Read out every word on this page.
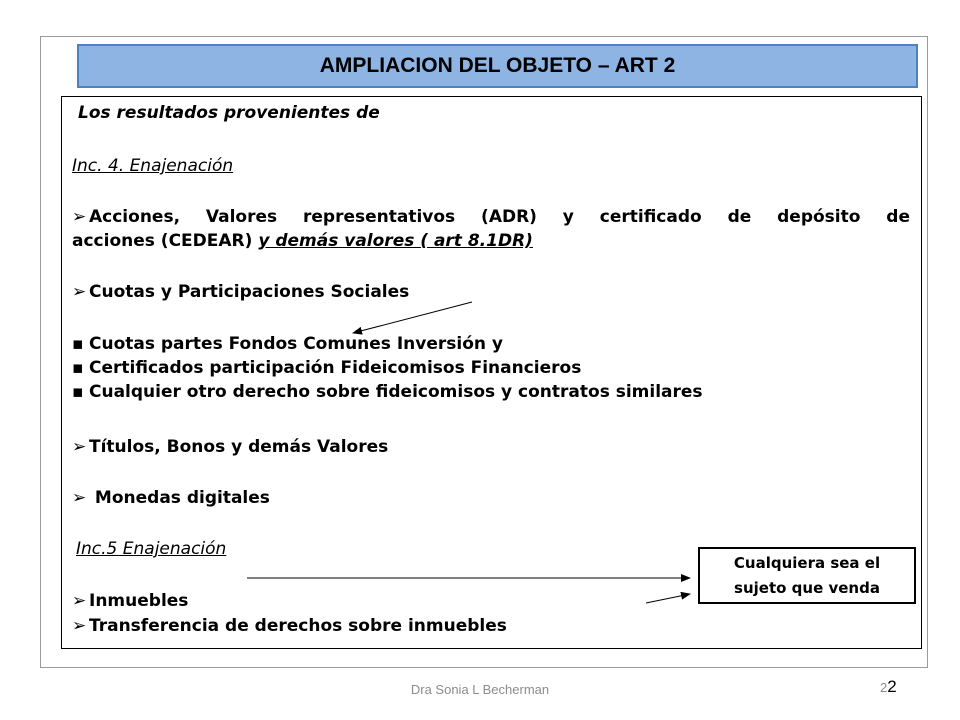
AMPLIACION DEL OBJETO – ART 2
Los resultados provenientes de
Inc. 4. Enajenación
➢ Acciones, Valores representativos (ADR) y certificado de depósito de
acciones (CEDEAR) y demás valores ( art 8.1DR)
➢ Cuotas y Participaciones Sociales
▪ Cuotas partes Fondos Comunes Inversión y
▪ Certificados participación Fideicomisos Financieros
▪ Cualquier otro derecho sobre fideicomisos y contratos similares
➢ Títulos, Bonos y demás Valores
➢ Monedas digitales
Inc.5 Enajenación
➢ Inmuebles
➢ Transferencia de derechos sobre inmuebles
Cualquiera sea el
sujeto que venda
Dra Sonia L Becherman	22
